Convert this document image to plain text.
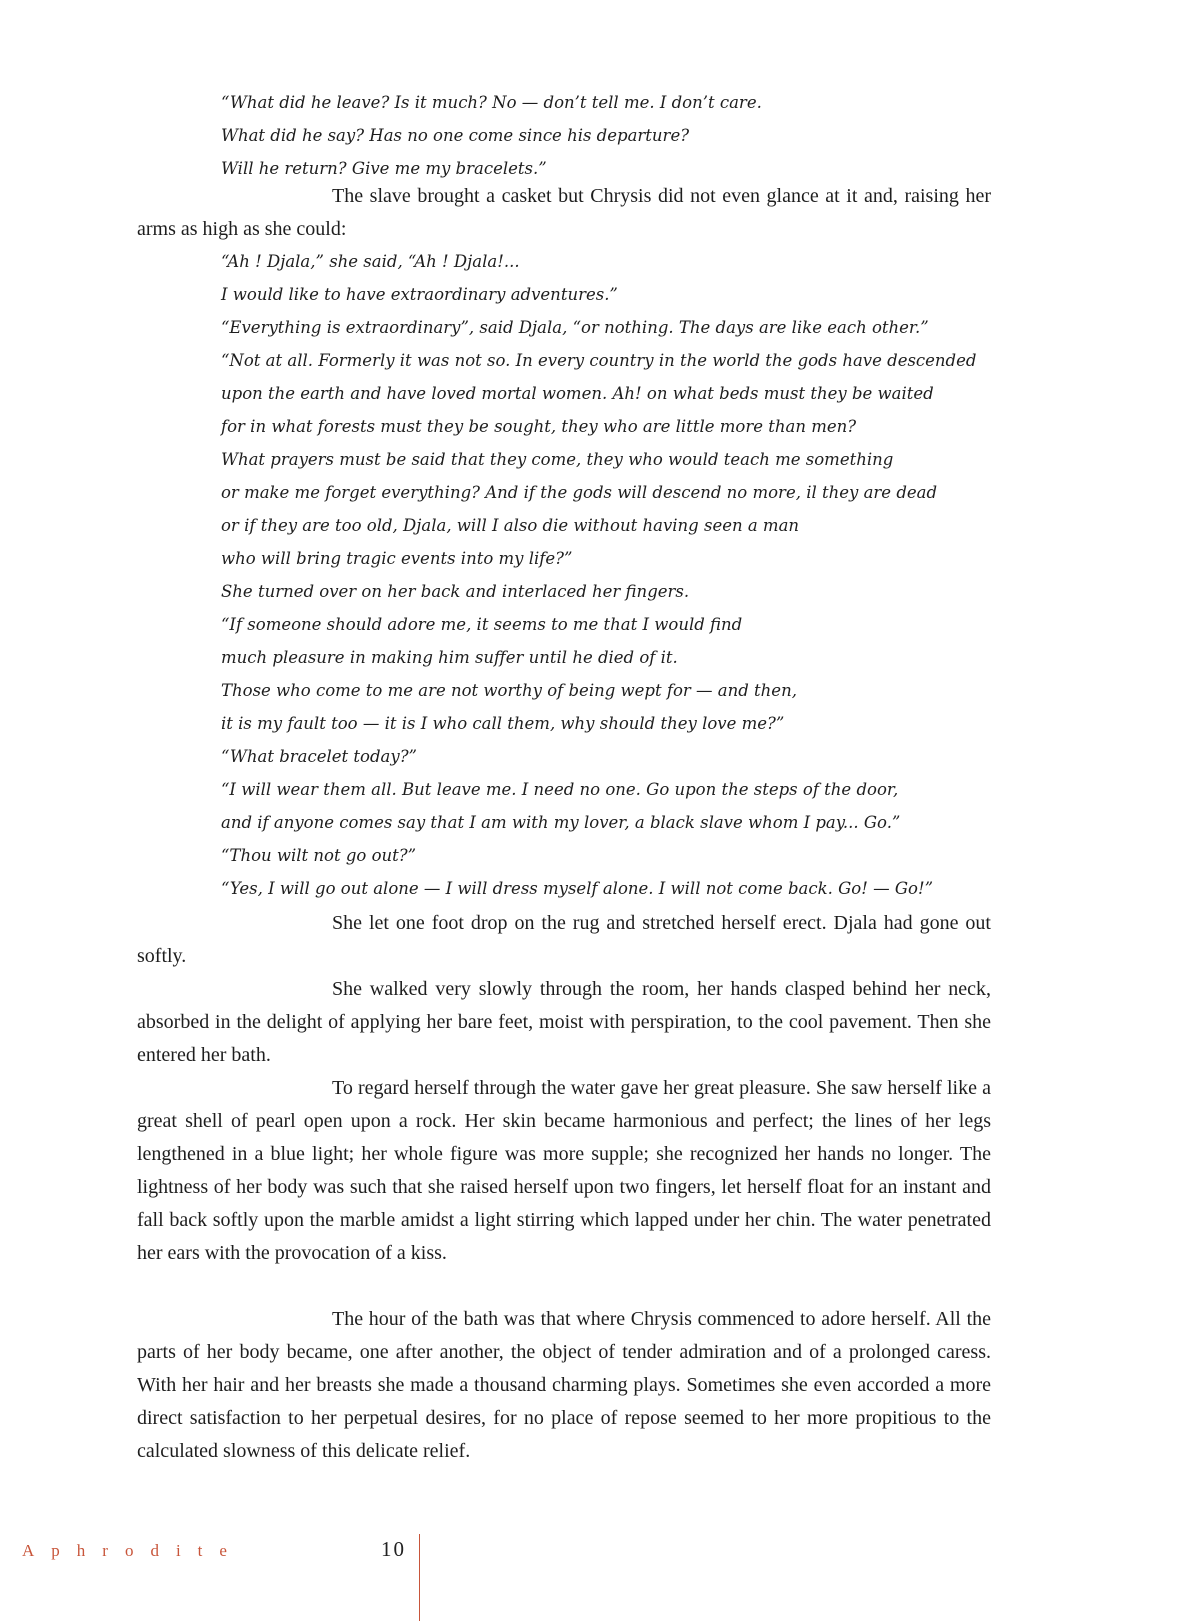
“What did he leave? Is it much? No — don’t tell me. I don’t care.
What did he say? Has no one come since his departure?
Will he return? Give me my bracelets.”

The slave brought a casket but Chrysis did not even glance at it and, raising her arms as high as she could:

“Ah ! Djala,” she said, “Ah ! Djala!...
I would like to have extraordinary adventures.”
“Everything is extraordinary”, said Djala, “or nothing. The days are like each other.”
“Not at all. Formerly it was not so. In every country in the world the gods have descended
upon the earth and have loved mortal women. Ah! on what beds must they be waited
for in what forests must they be sought, they who are little more than men?
What prayers must be said that they come, they who would teach me something
or make me forget everything? And if the gods will descend no more, il they are dead
or if they are too old, Djala, will I also die without having seen a man
who will bring tragic events into my life?”
She turned over on her back and interlaced her fingers.
“If someone should adore me, it seems to me that I would find
much pleasure in making him suffer until he died of it.
Those who come to me are not worthy of being wept for — and then,
it is my fault too — it is I who call them, why should they love me?”
“What bracelet today?”
“I will wear them all. But leave me. I need no one. Go upon the steps of the door,
and if anyone comes say that I am with my lover, a black slave whom I pay... Go.”
“Thou wilt not go out?”
“Yes, I will go out alone — I will dress myself alone. I will not come back. Go! — Go!”

She let one foot drop on the rug and stretched herself erect. Djala had gone out softly.

She walked very slowly through the room, her hands clasped behind her neck, absorbed in the delight of applying her bare feet, moist with perspiration, to the cool pavement. Then she entered her bath.

To regard herself through the water gave her great pleasure. She saw herself like a great shell of pearl open upon a rock. Her skin became harmonious and perfect; the lines of her legs lengthened in a blue light; her whole figure was more supple; she recognized her hands no longer. The lightness of her body was such that she raised herself upon two fingers, let herself float for an instant and fall back softly upon the marble amidst a light stirring which lapped under her chin. The water penetrated her ears with the provocation of a kiss.

The hour of the bath was that where Chrysis commenced to adore herself. All the parts of her body became, one after another, the object of tender admiration and of a prolonged caress. With her hair and her breasts she made a thousand charming plays. Sometimes she even accorded a more direct satisfaction to her perpetual desires, for no place of repose seemed to her more propitious to the calculated slowness of this delicate relief.

Aphrodite	10
